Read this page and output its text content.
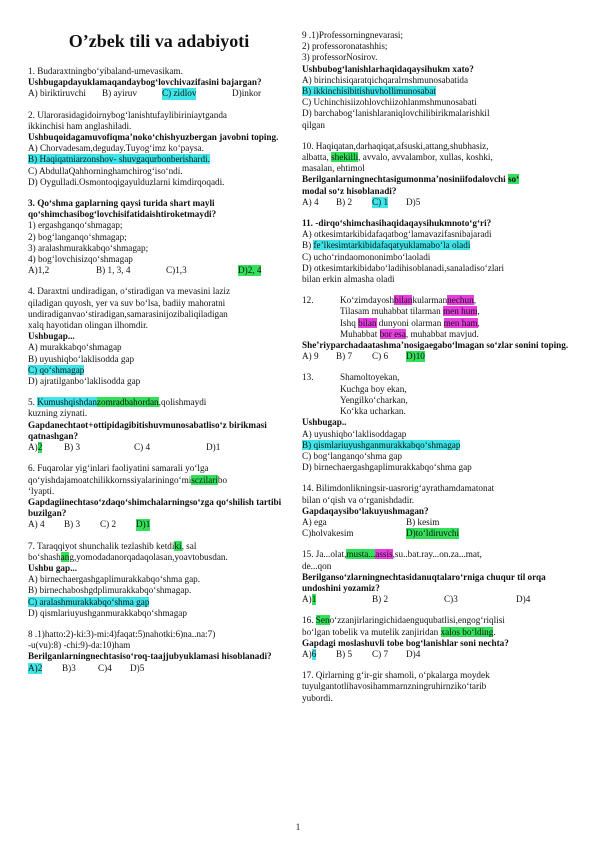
O’zbek tili va adabiyoti
1. Budaraxtningbo‘yibaland-umevasikam.
Ushbugapdayuklamaqandaybog‘lovchivazifasini bajargan?
A) biriktiruvchi	B) ayiruv	C) zidlov	D)inkor
2. Ularorasidagidoirnybog‘lanishtufaylibiriniaytganda
ikkinchisi ham anglashiladi.
Ushbuqoidagamuvofiqma’noko‘chishyuzbergan javobni toping.
A) Chorvadesam,deguday.Tuyog‘imz ko‘paysa.
B) Haqiqatniarzonshov- shuvgaqurbonberishardi.
C) AbdullaQahhorninghamchirog‘iso‘ndi.
D) Oygulladi.Osmontoqigayulduzlarni kimdirqoqadi.
3. Qo‘shma gaplarning qaysi turida shart mayli qo‘shimchasibog‘lovchisifatidaishtiroketmaydi?
1) ergashganqo‘shmagap;
2) bog‘langanqo‘shmagap;
3) aralashmurakkabqo‘shmagap;
4) bog‘lovchisizqo‘shmagap
A)1,2	B) 1, 3, 4	C)1,3	D)2, 4
4. Daraxtni undiradigan, o‘stiradigan va mevasini laziz
qiladigan quyosh, yer va suv bo‘lsa, badiiy mahoratni
undiradiganvao‘stiradigan,samarasinijozibaliqiladigan
xalq hayotidan olingan ilhomdir.
Ushbugap...
A) murakkabqo‘shmagap
B) uyushiqbo‘laklisodda gap
C) qo‘shmagap
D) ajratilganbo‘laklisodda gap
5. Kumushqishdanzomradbahordan,qolishmaydi
kuzning ziynati.
Gapdanechtaot+ottipidagibitishuvmunosabatliso‘z birikmasi qatnashgan?
A)2	B) 3	C) 4	D)1
6. Fuqarolar yig‘inlari faoliyatini samarali yo‘lga
qo‘yishdajamoatchilikkornssiyalariningo‘misczilaribo
‘lyapti.
Gapdagiinechtaso‘zdaqo‘shimchalarningso‘zga qo‘shilish tartibi buzilgan?
A) 4	B) 3	C) 2	D)1
7. Taraqqiyot shunchalik tezlashib ketdiki, sal
bo‘shashang,yomodadanorqadaqolasan,yoavtobusdan.
Ushbu gap...
A) birnechaergashgaplimurakkabqo‘shma gap.
B) birnechaboshgdplimurakkabqo‘shmagap.
C) aralashmurakkabqo‘shma gap
D) qismlariuyushganmurakkabqo‘shmagap
8 .1)hatto:2)-ki:3)-mi:4)faqat:5)nahotki:6)na..na:7)
-u(vu):8) -chi:9)-da:10)ham
Berilganlarningnechtasiso‘roq-taajjubyuklamasi hisoblanadi?
A)2	B)3	C)4	D)5
9 .1)Professorningnevarasi;
2) professoronatashhis;
3) professorNosirov.
Ushbubog‘lanishlarhaqidaqaysihukm xato?
A) birinchisiqaratqichqaralrnshmunosabatida
B) ikkinchisibitishuvhollimunosabat
C) Uchinchisiizohlovchiizohlanmshmunosabati
D) barchabog‘lanishlaraniqlovchilibirikmalarishkil
qilgan
10. Haqiqatan,darhaqiqat,afsuski,attang,shubhasiz,
albatta, shekilli, avvalo, avvalambor, xullas, koshki,
masalan, ehtimol
Berilganlarningnechtasigumonma’nosiniifodalovchi so‘
modal so‘z hisoblanadi?
A) 4	B) 2	C) 1	D)5
11. -dirqo‘shimchasihaqidaqaysihukmnoto‘g‘ri?
A) otkesimtarkibidafaqatbog‘lamavazifasnibajaradi
B) fe’lkesimtarkibidafaqatyuklamabo‘la oladi
C) ucho‘rindaomononimbo‘laoladi
D) otkesimtarkibidabo‘ladihisoblanadi,sanaladiso‘zlari
bilan erkin almasha oladi
12.	Ko‘zimdayoshbilankularmannechun,
Tilasam muhabbat tilarman men hum,
Ishq bilan dunyoni olarman men ham,
Muhabbat bor esa, muhabbat mavjud.
She’riyparchadaatashma’nosigaegabo‘lmagan so‘zlar sonini toping.
A) 9	B) 7	C) 6	D)10
13.	Shamoltoyekan,
Kuchga boy ekan,
Yengilko‘charkan,
Ko‘kka ucharkan.
Ushbugap..
A) uyushiqbo‘laklisoddagap
B) qismlariuyushganmurakkabqo‘shmagap
C) bog‘langanqo‘shma gap
D) birnechaergashgaplimurakkabqo‘shma gap
14. Bilimdonlikningsir-uasrorig‘ayrathamdamatonat
bilan o‘qish va o‘rganishdadir.
Gapdaqaysibo‘lakuyushmagan?
A) ega	B) kesim
C)holvakesim	D)to‘ldiruvchi
15. Ja...olat,musta...assis,su..bat.ray...on.za...mat,
de...qon
Berilganso‘zlarningnechtasidanuqtalaro‘rniga chuqur til orqa undoshini yozamiz?
A)1	B) 2	C)3	D)4
16. Seno‘zzanjirlaringichidaenguqubatlisi,engog‘riqlisi
bo‘lgan tobelik va mutelik zanjiridan xalos bo‘lding.
Gapdagi moslashuvli tobe bog‘lanishlar soni nechta?
A)6	B) 5	C) 7	D)4
17. Qirlarning g‘ir-gir shamoli, o‘pkalarga moydek
tuyulgantotlihavosihammarnzningruhirnziko‘tarib
yubordi.
1
